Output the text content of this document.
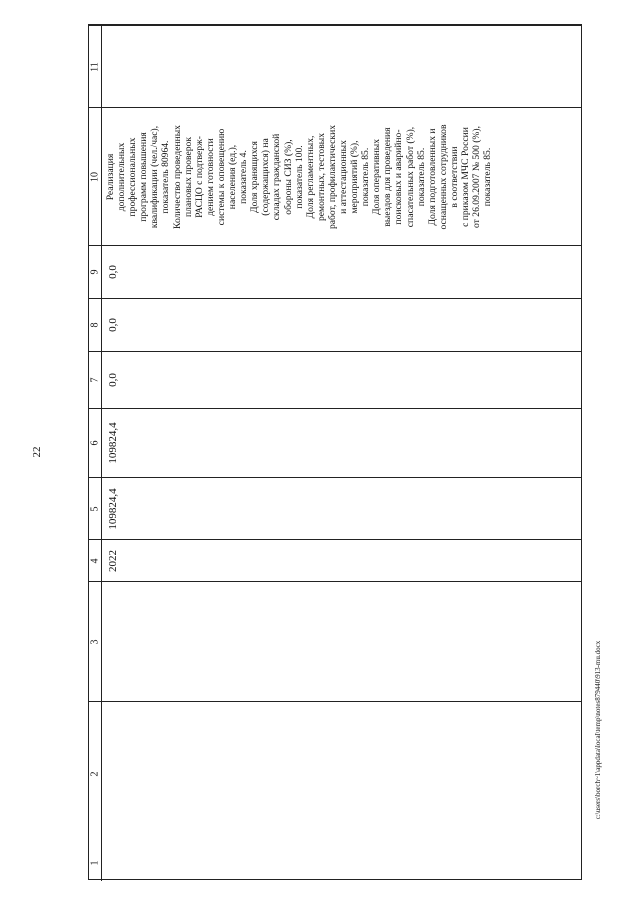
22
c:\users\borch~1\appdata\local\temp\notes879440\913-mu.docx
1
2
3
4 2022
5 109824,4
6 109824,4
7 0,0
8 0,0
9 0,0
10 Реализация дополнительных профессиональных программ повышения квалификации (чел./час), показатель 80964. Количество проведенных плановых проверок РАСЦО с подтверж- дением готовности системы к оповещению населения (ед.), показатель 4. Доля хранящихся (содержащихся) на складах гражданской обороны СИЗ (%), показатель 100. Доля регламентных, ремонтных, тестовых работ, профилактических и аттестационных мероприятий (%), показатель 85. Доля оперативных выездов для проведения поисковых и аварийно- спасательных работ (%), показатель 85. Доля подготовленных и оснащенных сотрудников в соответствии с приказом МЧС России от 26.09.2007 № 500 (%), показатель 85.

11
